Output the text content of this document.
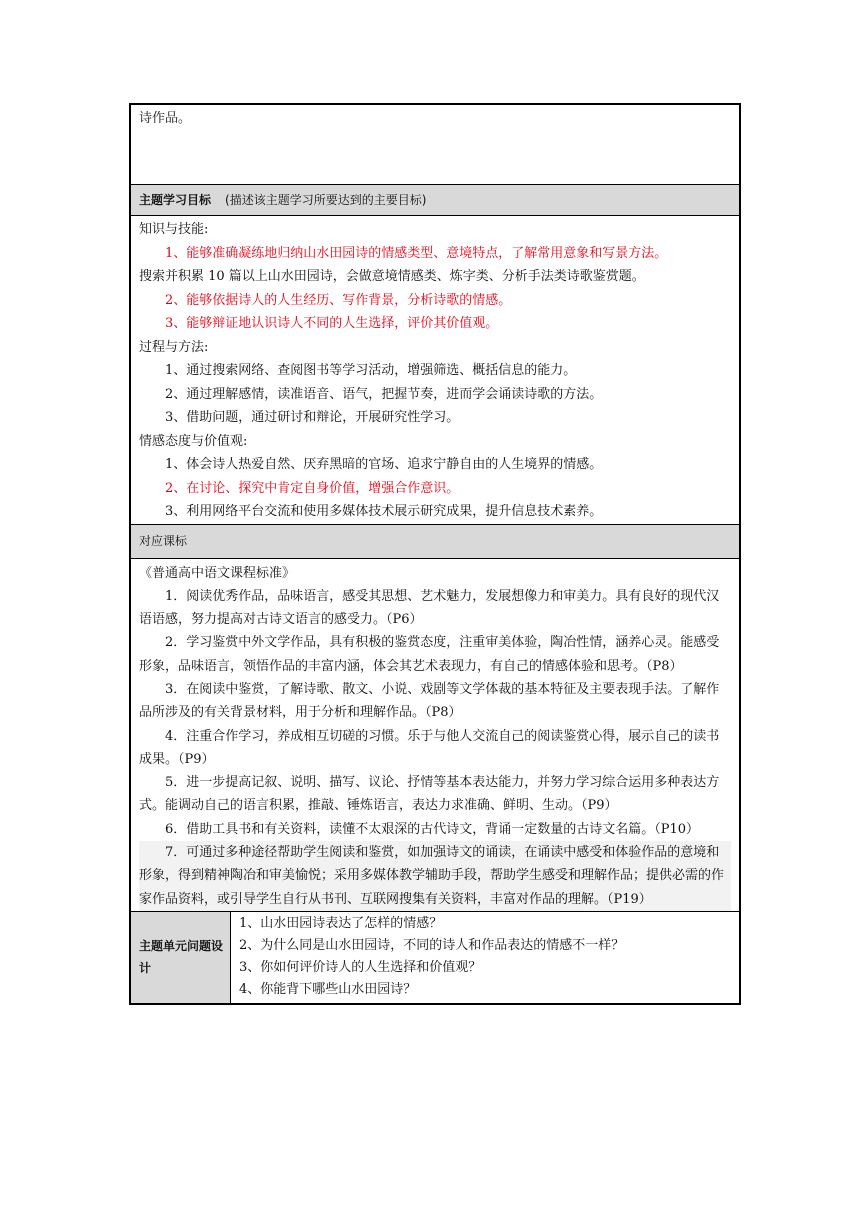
诗作品。
主题学习目标 (描述该主题学习所要达到的主要目标)
知识与技能:
1、能够准确凝练地归纳山水田园诗的情感类型、意境特点，了解常用意象和写景方法。
搜索并积累 10 篇以上山水田园诗，会做意境情感类、炼字类、分析手法类诗歌鉴赏题。
2、能够依据诗人的人生经历、写作背景，分析诗歌的情感。
3、能够辩证地认识诗人不同的人生选择，评价其价值观。
过程与方法:
1、通过搜索网络、查阅图书等学习活动，增强筛选、概括信息的能力。
2、通过理解感情，读准语音、语气，把握节奏，进而学会诵读诗歌的方法。
3、借助问题，通过研讨和辩论，开展研究性学习。
情感态度与价值观:
1、体会诗人热爱自然、厌弃黑暗的官场、追求宁静自由的人生境界的情感。
2、在讨论、探究中肯定自身价值，增强合作意识。
3、利用网络平台交流和使用多媒体技术展示研究成果，提升信息技术素养。
对应课标
《普通高中语文课程标准》
1．阅读优秀作品，品味语言，感受其思想、艺术魅力，发展想像力和审美力。具有良好的现代汉语语感，努力提高对古诗文语言的感受力。（P6）
2．学习鉴赏中外文学作品，具有积极的鉴赏态度，注重审美体验，陶冶性情，涵养心灵。能感受形象，品味语言，领悟作品的丰富内涵，体会其艺术表现力，有自己的情感体验和思考。（P8）
3．在阅读中鉴赏，了解诗歌、散文、小说、戏剧等文学体裁的基本特征及主要表现手法。了解作品所涉及的有关背景材料，用于分析和理解作品。（P8）
4．注重合作学习，养成相互切磋的习惯。乐于与他人交流自己的阅读鉴赏心得，展示自己的读书成果。（P9）
5．进一步提高记叙、说明、描写、议论、抒情等基本表达能力，并努力学习综合运用多种表达方式。能调动自己的语言积累，推敲、锤炼语言，表达力求准确、鲜明、生动。（P9）
6．借助工具书和有关资料，读懂不太艰深的古代诗文，背诵一定数量的古诗文名篇。（P10）
7．可通过多种途径帮助学生阅读和鉴赏，如加强诗文的诵读，在诵读中感受和体验作品的意境和形象，得到精神陶冶和审美愉悦；采用多媒体教学辅助手段，帮助学生感受和理解作品；提供必需的作家作品资料，或引导学生自行从书刊、互联网搜集有关资料，丰富对作品的理解。（P19）
主题单元问题设计
1、山水田园诗表达了怎样的情感？
2、为什么同是山水田园诗，不同的诗人和作品表达的情感不一样？
3、你如何评价诗人的人生选择和价值观？
4、你能背下哪些山水田园诗？
